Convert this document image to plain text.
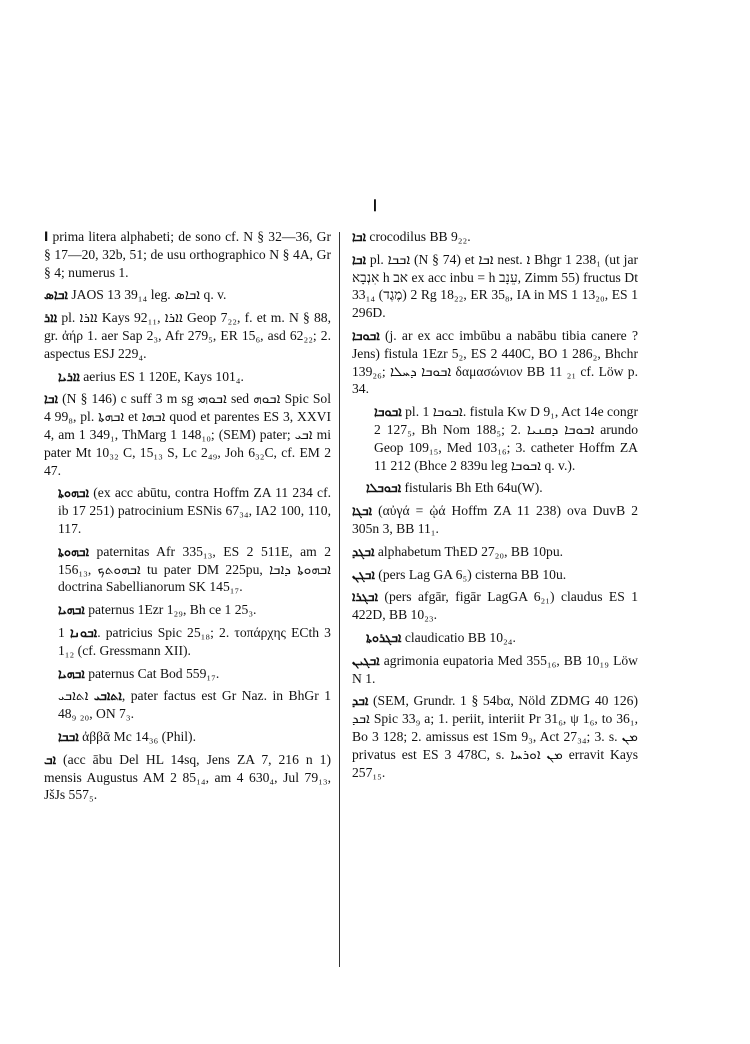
ا

ا prima litera alphabeti; de sono cf. N § 32—36, Gr § 17—20, 32b, 51; de usu orthographico N § 4A, Gr § 4; numerus 1.

ܐܒܐܣ JAOS 13 39₁₄ leg. ܐܒܐܣ q. v.

ܐܐܪ pl. ܐܐܪܐ Kays 92₁₁, ܐܐܪܐ Geop 7₂₂, f. et m. N § 88, gr. ἀήρ 1. aer Sap 2₃, Afr 279₅, ER 15₆, asd 62₂₂; 2. aspectus ESJ 229₄.

ܐܐܪܝܐ aerius ES 1 120E, Kays 101₄.

ܐܒܐ (N § 146) c suff 3 m sg ܐܒܘܗܝ sed ܐܒܘܗ Spic Sol 4 99₈, pl. ܐܒܗܬܐ et ܐܒܗܐ quod et parentes ES 3, XXVI 4, am 1 349₁, ThMarg 1 148₁₀; (SEM) pater; ܐܒܝ mi pater Mt 10₃₂ C, 15₁₃ S, Lc 2₄₉, Joh 6₃₂C, cf. EM 2 47.

ܐܒܗܘܬܐ (ex acc abūtu, contra Hoffm ZA 11 234 cf. ib 17 251) patrocinium ESNis 67₃₄, IA2 100, 110, 117.

ܐܒܗܘܬܐ paternitas Afr 335₁₃, ES 2 511E, am 2 156₁₃, ܐܒܗܘܬܟ tu pater DM 225pu, ܐܒܗܘܬܐ ܕܐܒܐ doctrina Sabellianorum SK 145₁₇.

ܐܒܗܝܐ paternus 1Ezr 1₂₉, Bh ce 1 25₃.

ܐܒܘܢܐ 1. patricius Spic 25₁₈; 2. τοπάρχης ECth 3 1₁₂ (cf. Gressmann XII).

ܐܒܗܝܐ paternus Cat Bod 559₁₇.

ܐܬܐܒܝ ܐܬܐܒܝ, pater factus est Gr Naz. in BhGr 1 48₉ ₂₀, ON 7₃.

ܐܒܒܐ ἀββᾶ Mc 14₃₆ (Phil).

ܐܒ (acc ābu Del HL 14sq, Jens ZA 7, 216 n 1) mensis Augustus AM 2 85₁₄, am 4 630₄, Jul 79₁₃, JšJs 557₅.

ܐܒܐ crocodilus BB 9₂₂.

ܐܒܐ pl. ܐܒܒܐ (N § 74) et ܐܒܐ nest. ܐ Bhgr 1 238₁ (ut jar אִנְבָא h אב ex acc inbu = h עֵנָב, Zimm 55) fructus Dt 33₁₄ (מֶגֶד) 2 Rg 18₂₂, ER 35₈, IA in MS 1 13₂₀, ES 1 296D.

ܐܒܘܒܐ (j. ar ex acc imbūbu a nabābu tibia canere ? Jens) fistula 1Ezr 5₂, ES 2 440C, BO 1 286₂, Bhchr 139₂₆; ܐܒܘܒܐ ܕܚܠܐ δαμασώνιον BB 11 ₂₁ cf. Löw p. 34.

ܐܒܘܒܐ pl. ܐܒܘܒܐ 1. fistula Kw D 9₁, Act 14e congr 2 127₅, Bh Nom 188₅; 2. ܐܒܘܒܐ ܕܩܢܝܐ arundo Geop 109₁₅, Med 103₁₆; 3. catheter Hoffm ZA 11 212 (Bhce 2 839u leg ܐܒܘܒܐ q. v.).

ܐܒܘܒܠܐ fistularis Bh Eth 64u(W).

ܐܒܓܐ (αὐγά = ᾠά Hoffm ZA 11 238) ova DuvB 2 305n 3, BB 11₁.

ܐܒܓܕ alphabetum ThED 27₂₀, BB 10pu.

ܐܒܓܢ (pers Lag GA 6₅) cisterna BB 10u.

ܐܒܓܪܐ (pers afgār, figār LagGA 6₂₁) claudus ES 1 422D, BB 10₂₃.

ܐܒܓܪܘܬܐ claudicatio BB 10₂₄.

ܐܒܓܝܢ agrimonia eupatoria Med 355₁₆, BB 10₁₉ Löw N 1.

ܐܒܕ (SEM, Grundr. 1 § 54bα, Nöld ZDMG 40 126) ܐܒܕ Spic 33₉ a; 1. periit, interiit Pr 31₆, ψ 1₆, to 36₁, Bo 3 128; 2. amissus est 1Sm 9₃, Act 27₃₄; 3. s. ܡܢ privatus est ES 3 478C, s. ܡܢ ܐܘܪܚܐ erravit Kays 257₁₅.
